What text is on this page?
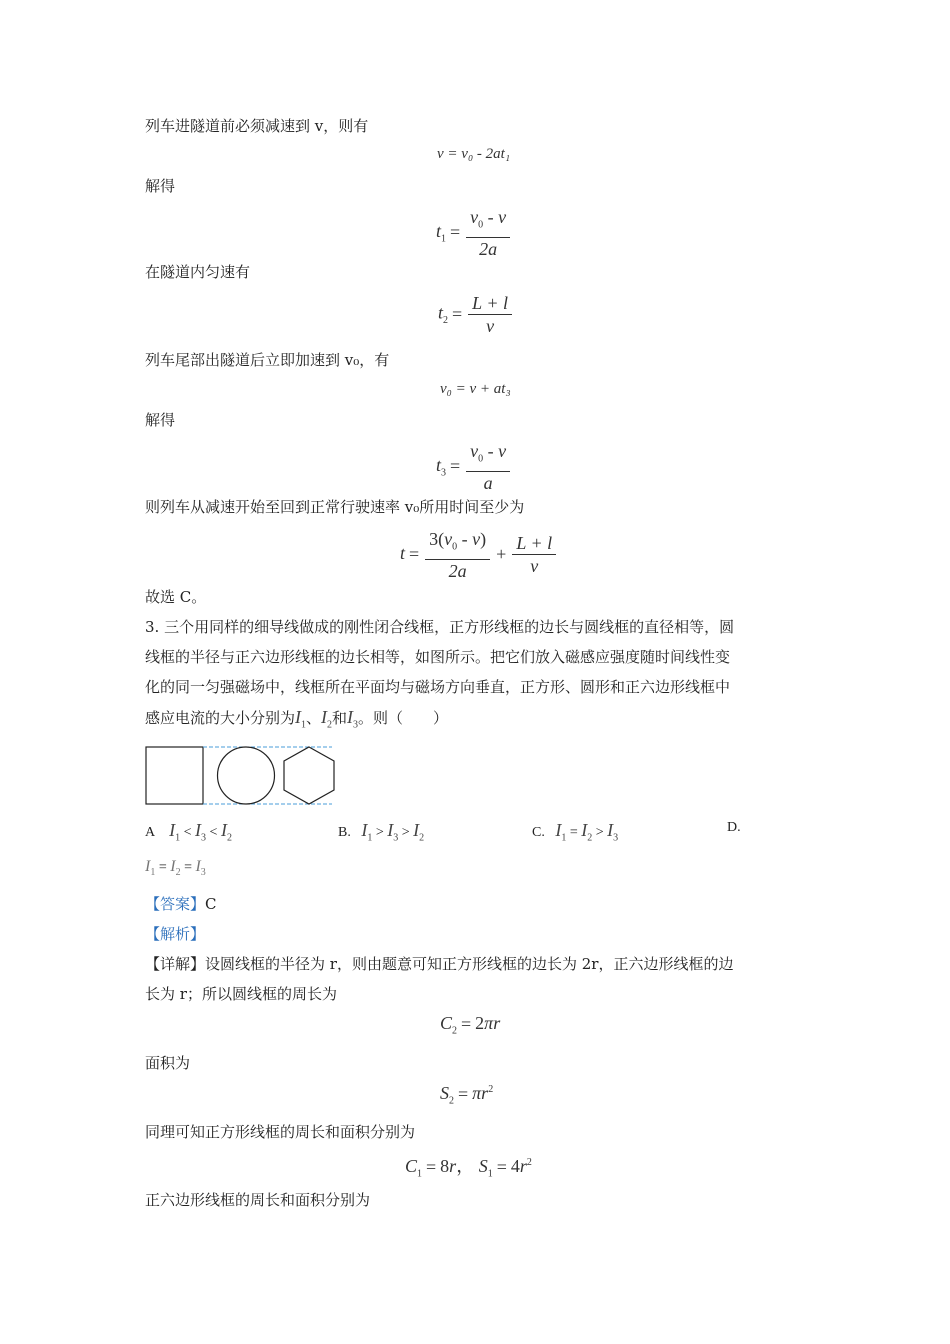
列车进隧道前必须减速到 v，则有
v = v₀ - 2at₁
解得
$t_1 = \frac{v_0 - v}{2a}$
在隧道内匀速有
$t_2 = \frac{L + l}{v}$
列车尾部出隧道后立即加速到 v₀，有
v₀ = v + at₃
解得
$t_3 = \frac{v_0 - v}{a}$
则列车从减速开始至回到正常行驶速率 v₀所用时间至少为
$t = \frac{3(v_0 - v)}{2a} + \frac{L + l}{v}$
故选 C。
3. 三个用同样的细导线做成的刚性闭合线框，正方形线框的边长与圆线框的直径相等，圆
线框的半径与正六边形线框的边长相等，如图所示。把它们放入磁感应强度随时间线性变
化的同一匀强磁场中，线框所在平面均与磁场方向垂直，正方形、圆形和正六边形线框中
感应电流的大小分别为$I_1$、$I_2$和$I_3$。则（　　）
A $I_1 < I_3 < I_2$	B. $I_1 > I_3 > I_2$	C. $I_1 = I_2 > I_3$
D.
$I_1 = I_2 = I_3$
【答案】C
【解析】
【详解】设圆线框的半径为 r，则由题意可知正方形线框的边长为 2r，正六边形线框的边
长为 r；所以圆线框的周长为
$C_2 = 2\pi r$
面积为
$S_2 = \pi r^2$
同理可知正方形线框的周长和面积分别为
$C_1 = 8r$， $S_1 = 4r^2$
正六边形线框的周长和面积分别为
